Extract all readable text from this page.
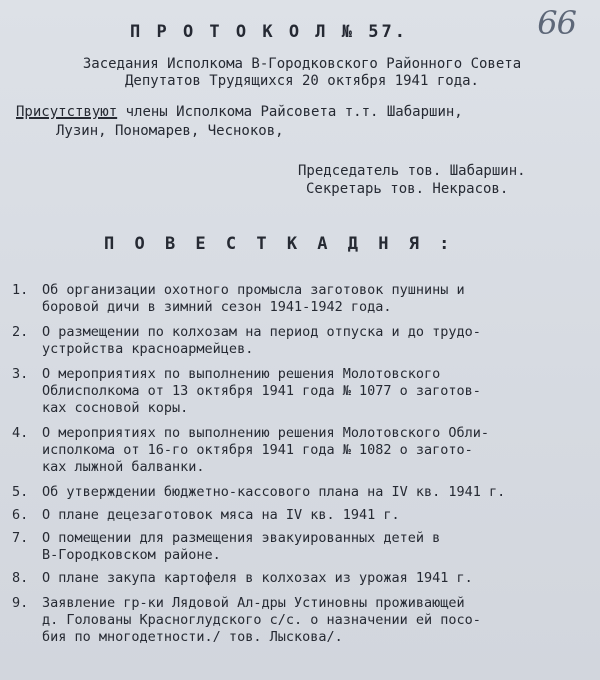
66
П Р О Т О К О Л № 57.
Заседания Исполкома В-Городковского Районного Совета
Депутатов Трудящихся 20 октября 1941 года.
Присутствуют члены Исполкома Райсовета т.т. Шабаршин,
Лузин, Пономарев, Чесноков,
Председатель тов. Шабаршин.
Секретарь тов. Некрасов.
П О В Е С Т К А Д Н Я :
1.	Об организации охотного промысла заготовок пушнины и
боровой дичи в зимний сезон 1941-1942 года.
2.	О размещении по колхозам на период отпуска и до трудо-
устройства красноармейцев.
3.	О мероприятиях по выполнению решения Молотовского
Облисполкома от 13 октября 1941 года № 1077 о заготов-
ках сосновой коры.
4.	О мероприятиях по выполнению решения Молотовского Обли-
исполкома от 16-го октября 1941 года № 1082 о загото-
ках лыжной балванки.
5.	Об утверждении бюджетно-кассового плана на IV кв. 1941 г.
6.	О плане децезаготовок мяса на IV кв. 1941 г.
7.	О помещении для размещения эвакуированных детей в
В-Городковском районе.
8.	О плане закупа картофеля в колхозах из урожая 1941 г.
9.	Заявление гр-ки Лядовой Ал-дры Устиновны проживающей
д. Голованы Красноглудского с/с. о назначении ей посо-
бия по многодетности./ тов. Лыскова/.
